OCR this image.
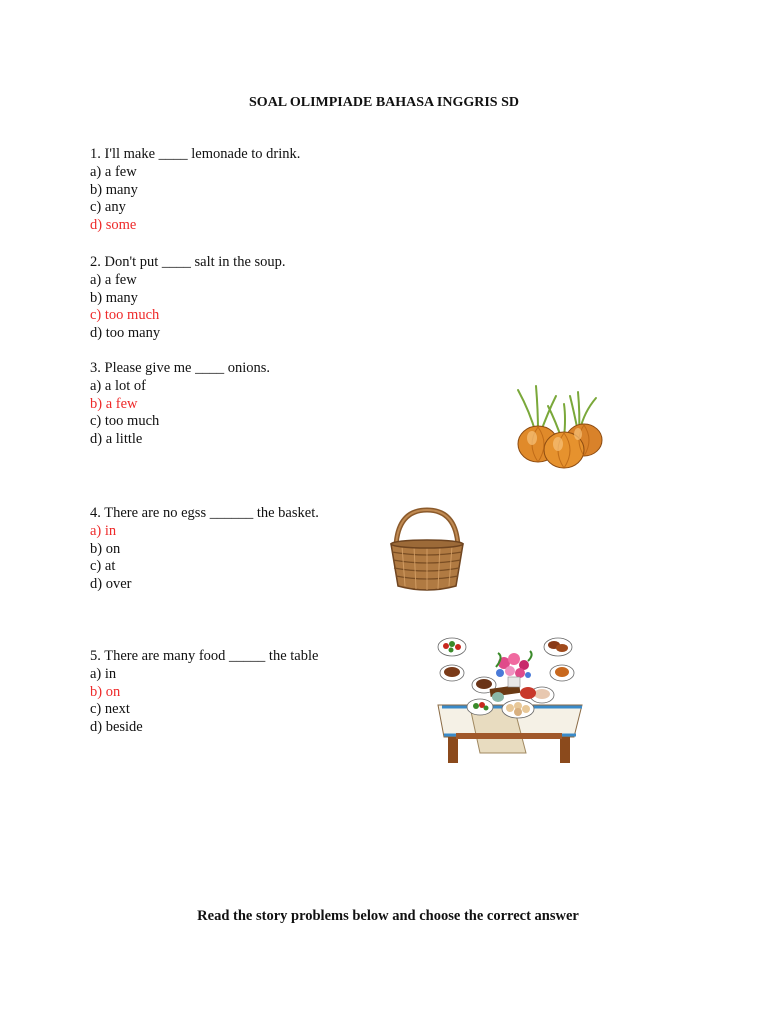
SOAL OLIMPIADE BAHASA INGGRIS SD
1. I'll make ____ lemonade to drink.
a) a few
b) many
c) any
d) some
2. Don't put ____ salt in the soup.
a) a few
b) many
c) too much
d) too many
3. Please give me ____ onions.
a) a lot of
b) a few
c) too much
d) a little
4. There are no egss ______ the basket.
a) in
b) on
c) at
d) over
5. There are many food _____ the table
a) in
b) on
c) next
d) beside
Read the story problems below and choose the correct answer
